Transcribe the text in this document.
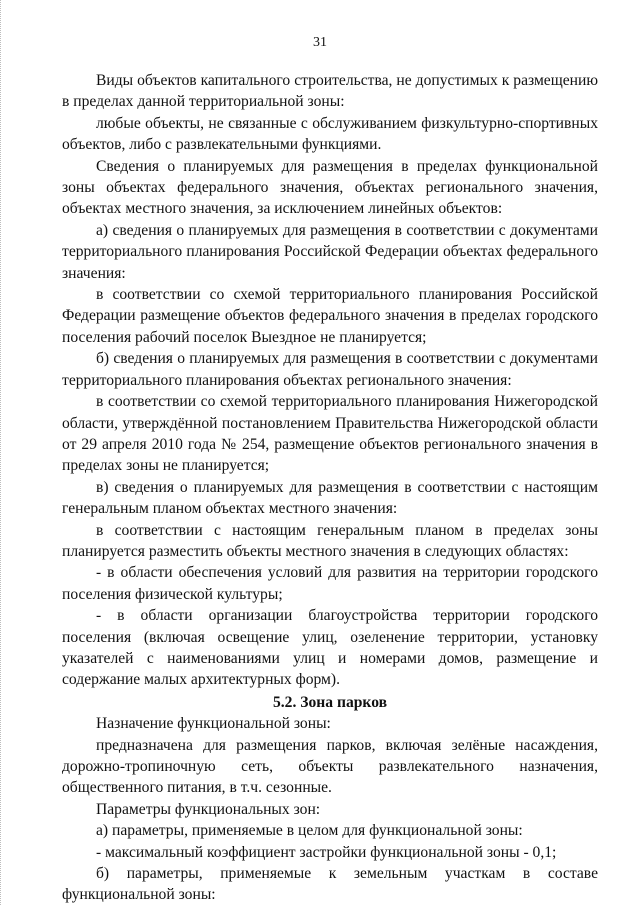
31

Виды объектов капитального строительства, не допустимых к размещению в пределах данной территориальной зоны:

любые объекты, не связанные с обслуживанием физкультурно-спортивных объектов, либо с развлекательными функциями.

Сведения о планируемых для размещения в пределах функциональной зоны объектах федерального значения, объектах регионального значения, объектах местного значения, за исключением линейных объектов:

а) сведения о планируемых для размещения в соответствии с документами территориального планирования Российской Федерации объектах федерального значения:

в соответствии со схемой территориального планирования Российской Федерации размещение объектов федерального значения в пределах городского поселения рабочий поселок Выездное не планируется;

б) сведения о планируемых для размещения в соответствии с документами территориального планирования объектах регионального значения:

в соответствии со схемой территориального планирования Нижегородской области, утверждённой постановлением Правительства Нижегородской области от 29 апреля 2010 года № 254, размещение объектов регионального значения в пределах зоны не планируется;

в) сведения о планируемых для размещения в соответствии с настоящим генеральным планом объектах местного значения:

в соответствии с настоящим генеральным планом в пределах зоны планируется разместить объекты местного значения в следующих областях:

- в области обеспечения условий для развития на территории городского поселения физической культуры;

- в области организации благоустройства территории городского поселения (включая освещение улиц, озеленение территории, установку указателей с наименованиями улиц и номерами домов, размещение и содержание малых архитектурных форм).

5.2. Зона парков

Назначение функциональной зоны:

предназначена для размещения парков, включая зелёные насаждения, дорожно-тропиночную сеть, объекты развлекательного назначения, общественного питания, в т.ч. сезонные.

Параметры функциональных зон:

а) параметры, применяемые в целом для функциональной зоны:

- максимальный коэффициент застройки функциональной зоны - 0,1;

б) параметры, применяемые к земельным участкам в составе функциональной зоны:
